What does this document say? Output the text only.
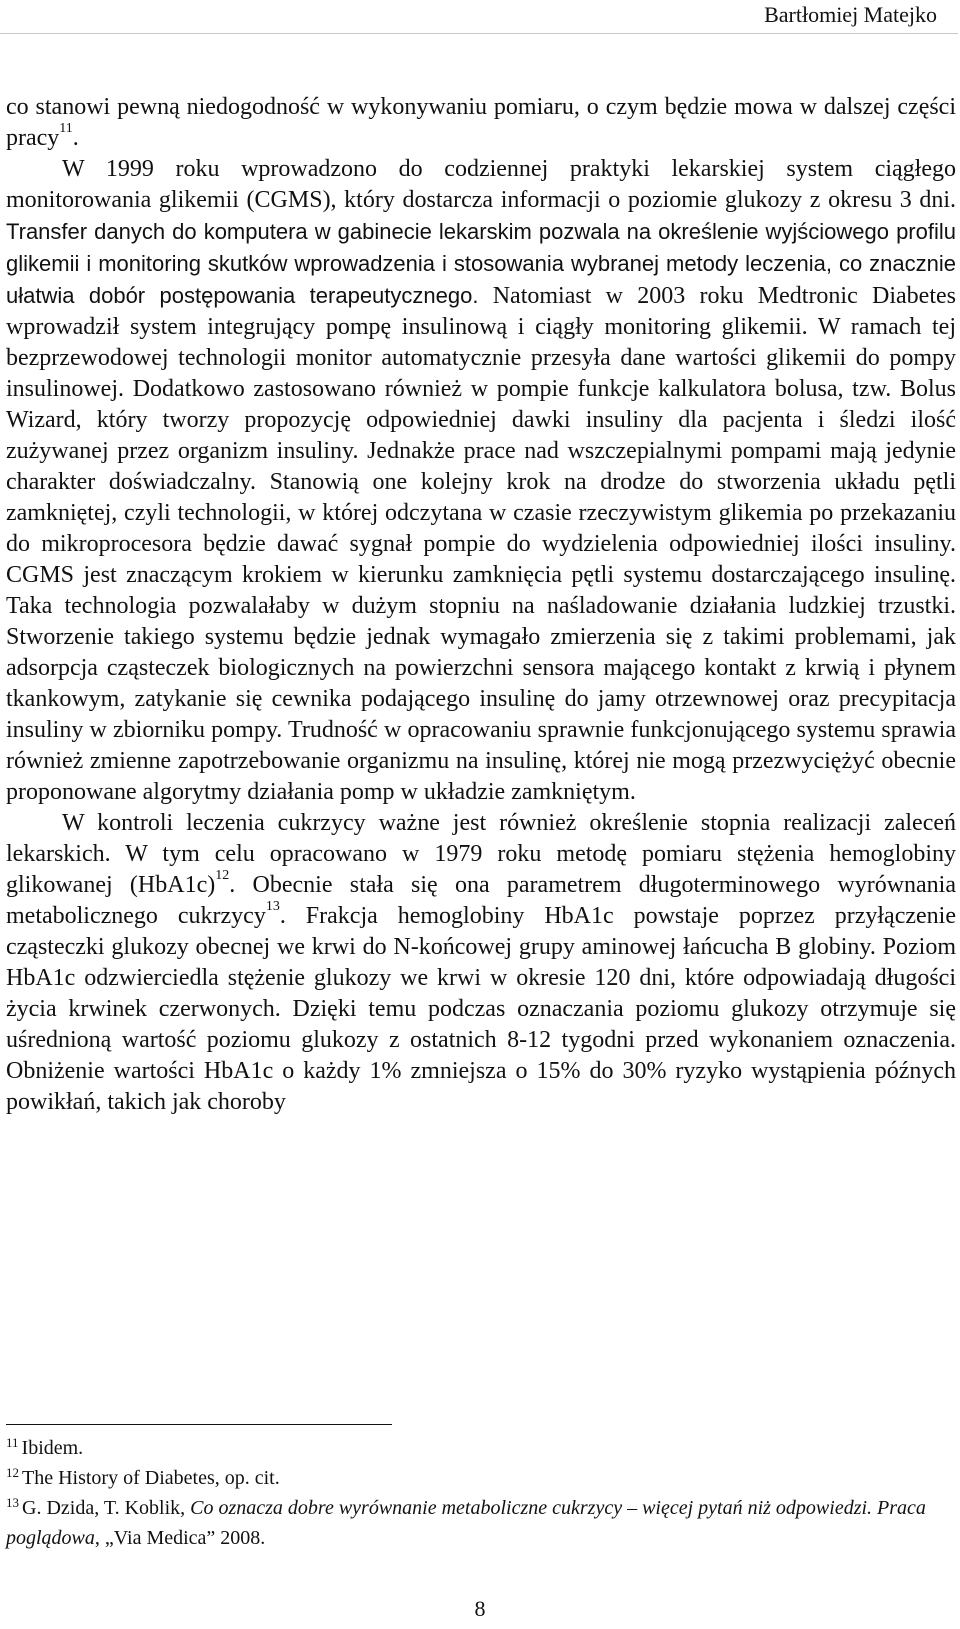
Bartłomiej Matejko

co stanowi pewną niedogodność w wykonywaniu pomiaru, o czym będzie mowa w dalszej części pracy$^{11}$.

W 1999 roku wprowadzono do codziennej praktyki lekarskiej system ciągłego monitorowania glikemii (CGMS), który dostarcza informacji o poziomie glukozy z okresu 3 dni. Transfer danych do komputera w gabinecie lekarskim pozwala na określenie wyjściowego profilu glikemii i monitoring skutków wprowadzenia i stosowania wybranej metody leczenia, co znacznie ułatwia dobór postępowania terapeutycznego. Natomiast w 2003 roku Medtronic Diabetes wprowadził system integrujący pompę insulinową i ciągły monitoring glikemii. W ramach tej bezprzewodowej technologii monitor automatycznie przesyła dane wartości glikemii do pompy insulinowej. Dodatkowo zastosowano również w pompie funkcje kalkulatora bolusa, tzw. Bolus Wizard, który tworzy propozycję odpowiedniej dawki insuliny dla pacjenta i śledzi ilość zużywanej przez organizm insuliny. Jednakże prace nad wszczepialnymi pompami mają jedynie charakter doświadczalny. Stanowią one kolejny krok na drodze do stworzenia układu pętli zamkniętej, czyli technologii, w której odczytana w czasie rzeczywistym glikemia po przekazaniu do mikroprocesora będzie dawać sygnał pompie do wydzielenia odpowiedniej ilości insuliny. CGMS jest znaczącym krokiem w kierunku zamknięcia pętli systemu dostarczającego insulinę. Taka technologia pozwalałaby w dużym stopniu na naśladowanie działania ludzkiej trzustki. Stworzenie takiego systemu będzie jednak wymagało zmierzenia się z takimi problemami, jak adsorpcja cząsteczek biologicznych na powierzchni sensora mającego kontakt z krwią i płynem tkankowym, zatykanie się cewnika podającego insulinę do jamy otrzewnowej oraz precypitacja insuliny w zbiorniku pompy. Trudność w opracowaniu sprawnie funkcjonującego systemu sprawia również zmienne zapotrzebowanie organizmu na insulinę, której nie mogą przezwyciężyć obecnie proponowane algorytmy działania pomp w układzie zamkniętym.

W kontroli leczenia cukrzycy ważne jest również określenie stopnia realizacji zaleceń lekarskich. W tym celu opracowano w 1979 roku metodę pomiaru stężenia hemoglobiny glikowanej $(HbA1c)^{12}$. Obecnie stała się ona parametrem długoterminowego wyrównania metabolicznego cukrzycy$^{13}$. Frakcja hemoglobiny HbA1c powstaje poprzez przyłączenie cząsteczki glukozy obecnej we krwi do N-końcowej grupy aminowej łańcucha B globiny. Poziom HbA1c odzwierciedla stężenie glukozy we krwi w okresie 120 dni, które odpowiadają długości życia krwinek czerwonych. Dzięki temu podczas oznaczania poziomu glukozy otrzymuje się uśrednioną wartość poziomu glukozy z ostatnich 8-12 tygodni przed wykonaniem oznaczenia. Obniżenie wartości HbA1c o każdy 1% zmniejsza o 15% do 30% ryzyko wystąpienia późnych powikłań, takich jak choroby

$^{11}$ Ibidem.

$^{12}$ The History of Diabetes, op. cit.

$^{13}$ G. Dzida, T. Koblik, Co oznacza dobre wyrównanie metaboliczne cukrzycy – więcej pytań niż odpowiedzi. Praca poglądowa, „Via Medica” 2008.

8
